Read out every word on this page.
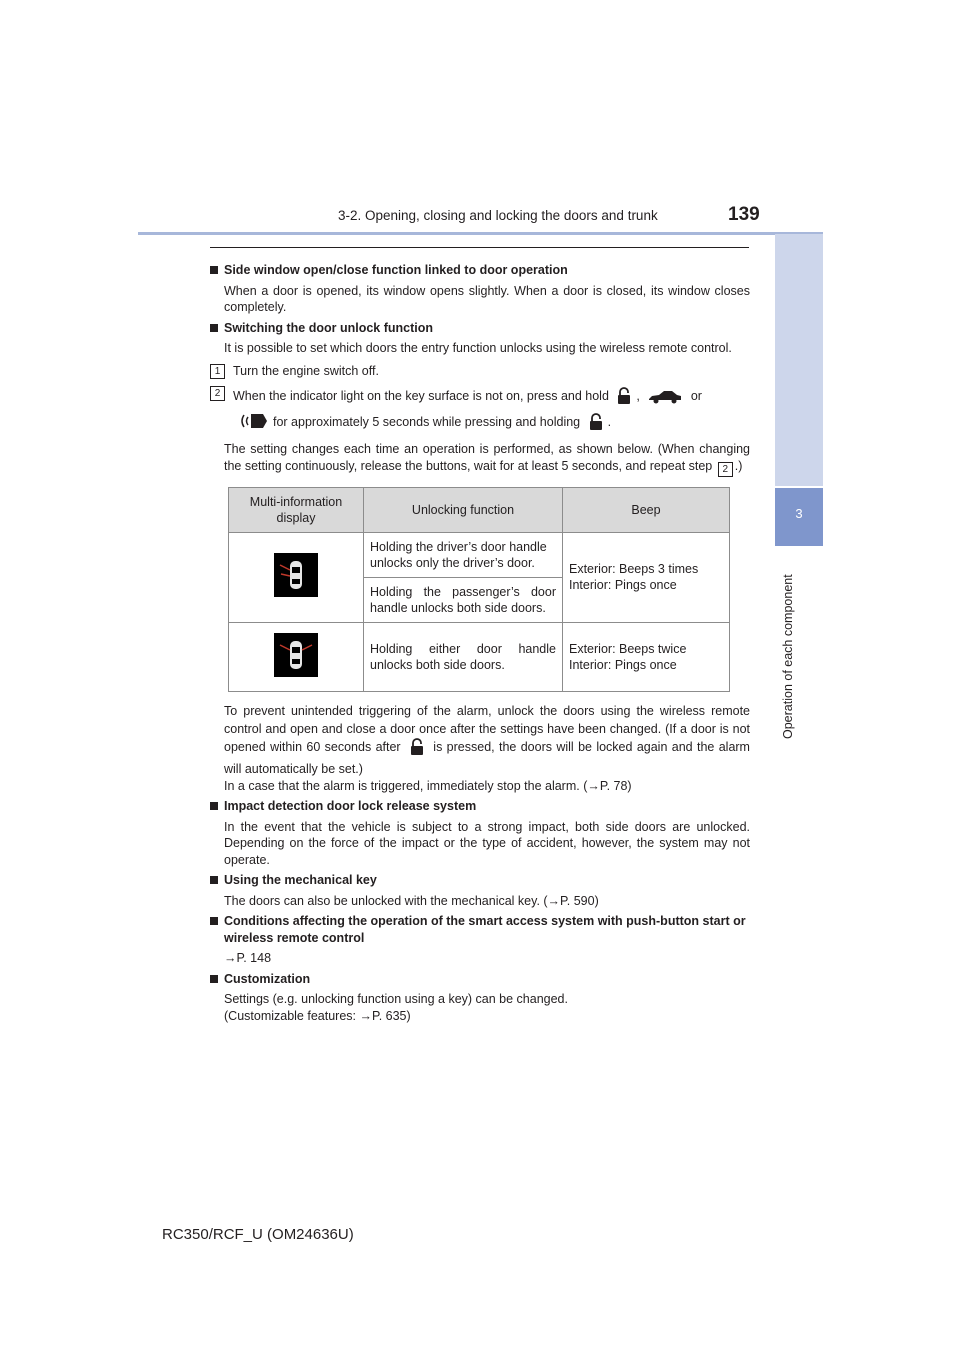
3-2. Opening, closing and locking the doors and trunk	139
3
Operation of each component
Side window open/close function linked to door operation
When a door is opened, its window opens slightly. When a door is closed, its window closes completely.
Switching the door unlock function
It is possible to set which doors the entry function unlocks using the wireless remote control.
1	Turn the engine switch off.
2	When the indicator light on the key surface is not on, press and hold ,	or
for approximately 5 seconds while pressing and holding .
The setting changes each time an operation is performed, as shown below. (When changing the setting continuously, release the buttons, wait for at least 5 seconds, and repeat step 2 .)
Multi-information display	Unlocking function	Beep
	Holding the driver’s door handle unlocks only the driver’s door.	Exterior: Beeps 3 times
Interior: Pings once
	Holding the passenger’s door handle unlocks both side doors.	
	Holding either door handle unlocks both side doors.	Exterior: Beeps twice
Interior: Pings once
To prevent unintended triggering of the alarm, unlock the doors using the wireless remote control and open and close a door once after the settings have been changed. (If a door is not opened within 60 seconds after	is pressed, the doors will be locked again and the alarm will automatically be set.)
In a case that the alarm is triggered, immediately stop the alarm. (→P. 78)
Impact detection door lock release system
In the event that the vehicle is subject to a strong impact, both side doors are unlocked. Depending on the force of the impact or the type of accident, however, the system may not operate.
Using the mechanical key
The doors can also be unlocked with the mechanical key. (→P. 590)
Conditions affecting the operation of the smart access system with push-button start or wireless remote control
→P. 148
Customization
Settings (e.g. unlocking function using a key) can be changed.
(Customizable features: →P. 635)
RC350/RCF_U (OM24636U)
